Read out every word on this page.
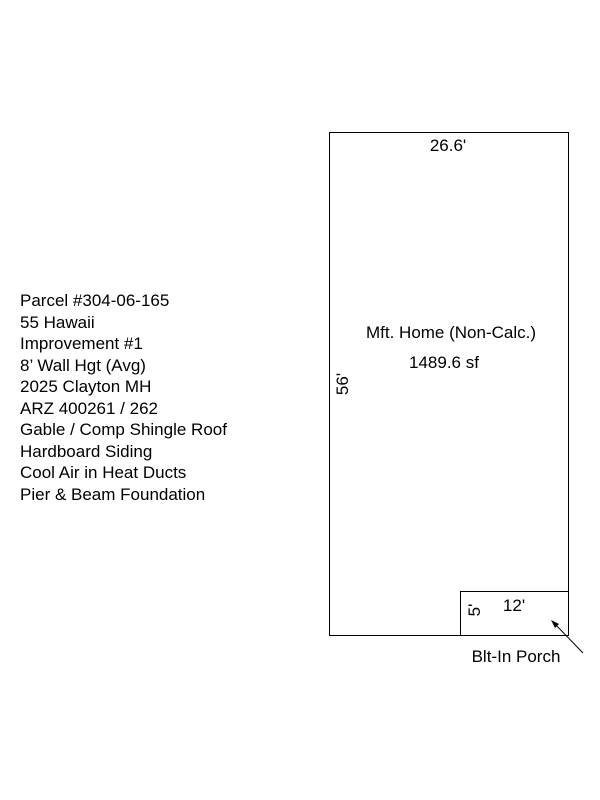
Parcel #304-06-165
55 Hawaii
Improvement #1
8’ Wall Hgt (Avg)
2025 Clayton MH
ARZ 400261 / 262
Gable / Comp Shingle Roof
Hardboard Siding
Cool Air in Heat Ducts
Pier & Beam Foundation
26.6'
56'
Mft. Home (Non-Calc.)
1489.6 sf
12'
5'
Blt-In Porch
